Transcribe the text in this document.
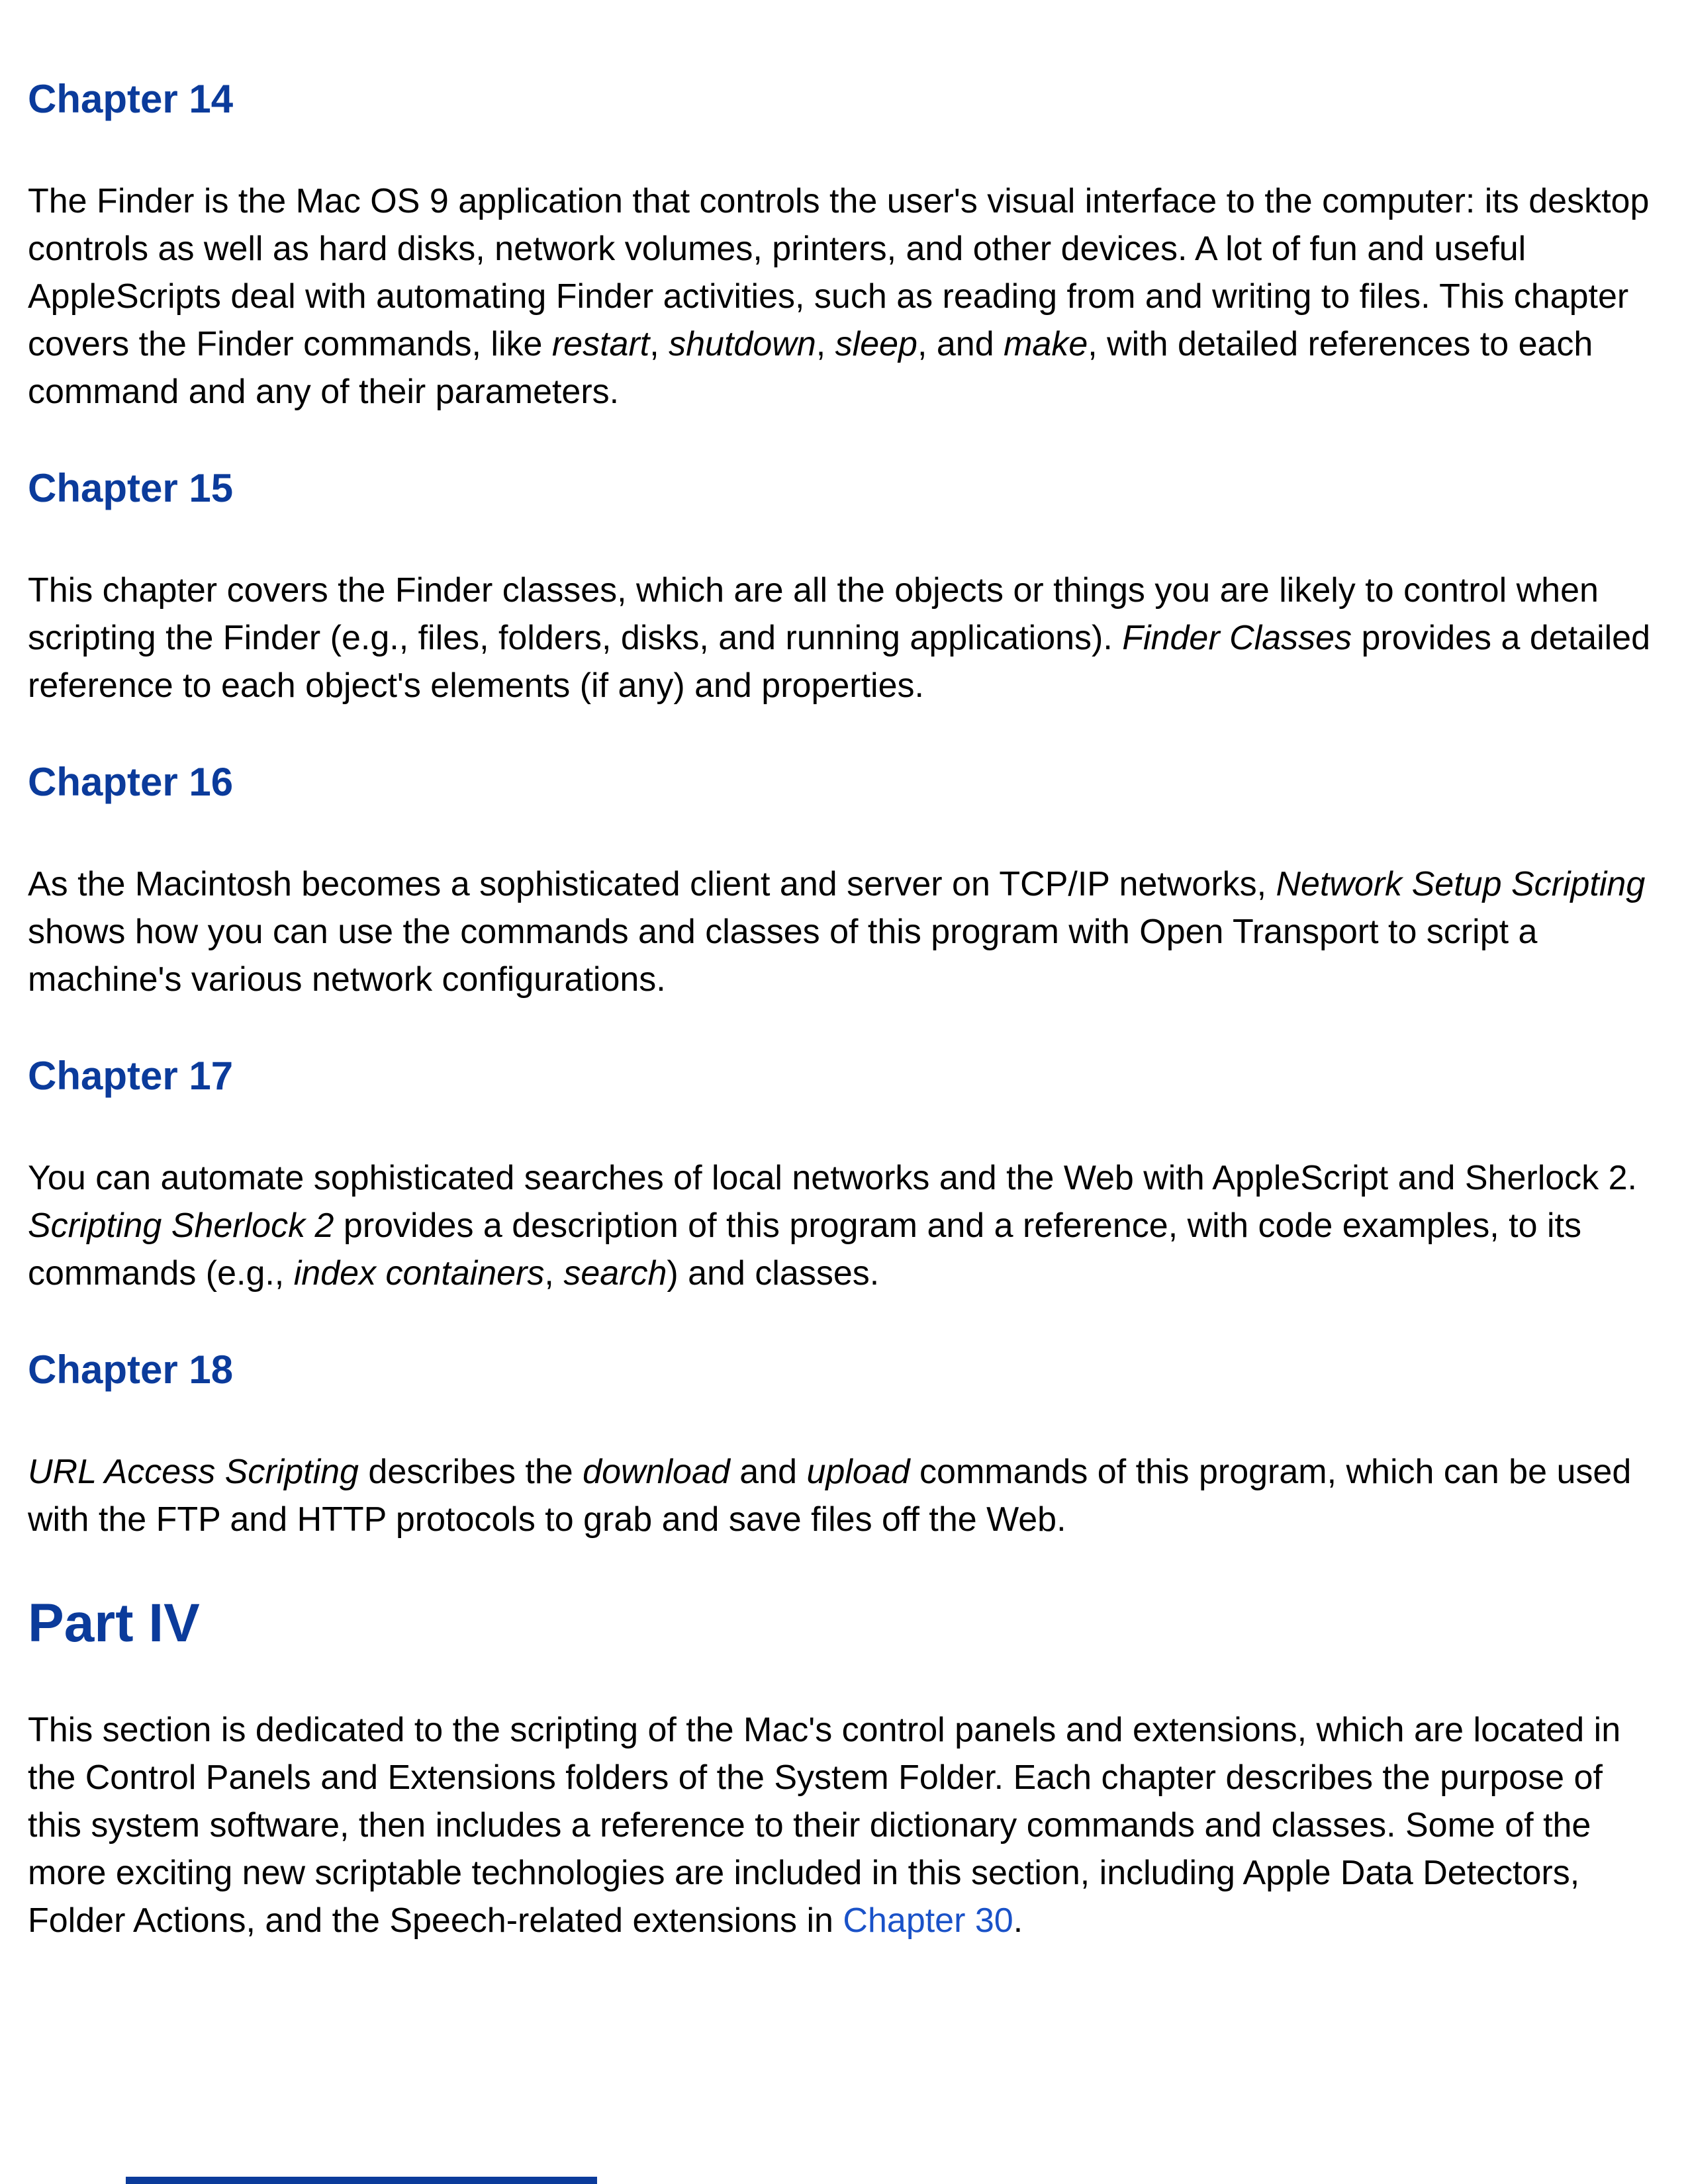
Chapter 14

The Finder is the Mac OS 9 application that controls the user's visual interface to the computer: its desktop controls as well as hard disks, network volumes, printers, and other devices. A lot of fun and useful AppleScripts deal with automating Finder activities, such as reading from and writing to files. This chapter covers the Finder commands, like restart, shutdown, sleep, and make, with detailed references to each command and any of their parameters.

Chapter 15

This chapter covers the Finder classes, which are all the objects or things you are likely to control when scripting the Finder (e.g., files, folders, disks, and running applications). Finder Classes provides a detailed reference to each object's elements (if any) and properties.

Chapter 16

As the Macintosh becomes a sophisticated client and server on TCP/IP networks, Network Setup Scripting shows how you can use the commands and classes of this program with Open Transport to script a machine's various network configurations.

Chapter 17

You can automate sophisticated searches of local networks and the Web with AppleScript and Sherlock 2. Scripting Sherlock 2 provides a description of this program and a reference, with code examples, to its commands (e.g., index containers, search) and classes.

Chapter 18

URL Access Scripting describes the download and upload commands of this program, which can be used with the FTP and HTTP protocols to grab and save files off the Web.

Part IV

This section is dedicated to the scripting of the Mac's control panels and extensions, which are located in the Control Panels and Extensions folders of the System Folder. Each chapter describes the purpose of this system software, then includes a reference to their dictionary commands and classes. Some of the more exciting new scriptable technologies are included in this section, including Apple Data Detectors, Folder Actions, and the Speech-related extensions in Chapter 30.
